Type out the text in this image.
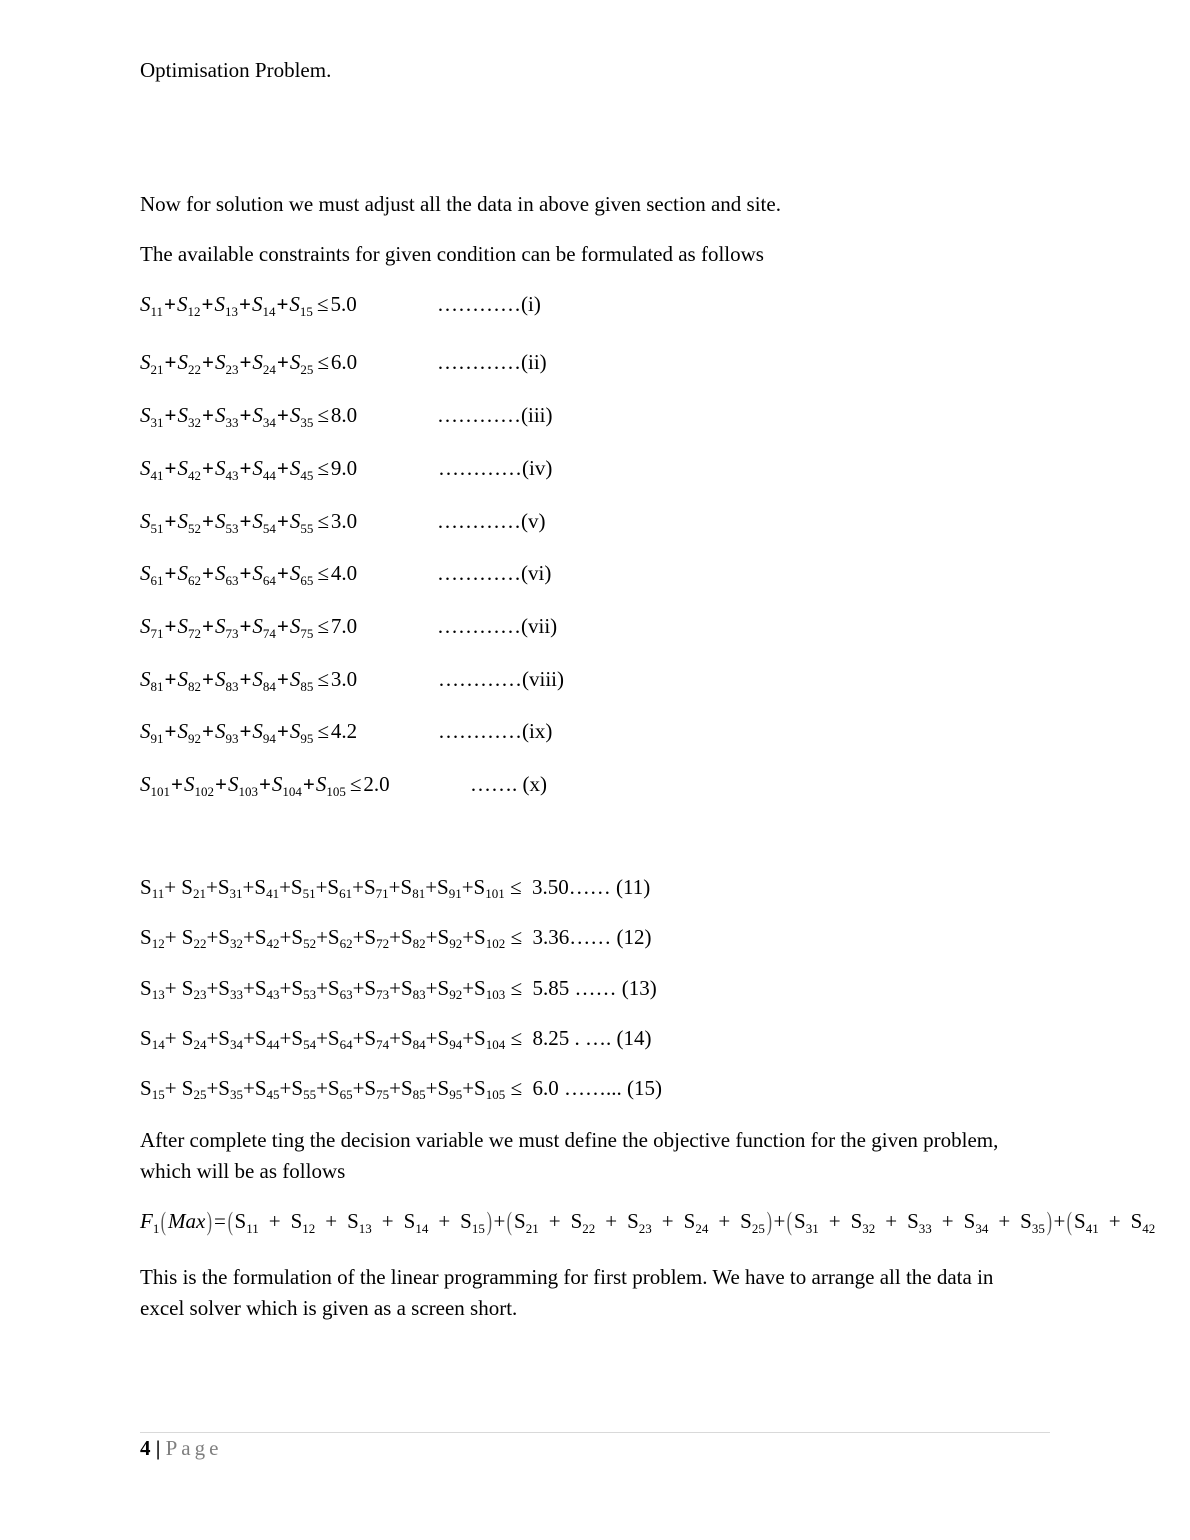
Optimisation Problem.

Now for solution we must adjust all the data in above given section and site.

The available constraints for given condition can be formulated as follows

$S_{11}+S_{12}+S_{13}+S_{14}+S_{15} \le 5.0$	…………(i)
$S_{21}+S_{22}+S_{23}+S_{24}+S_{25} \le 6.0$	…………(ii)
$S_{31}+S_{32}+S_{33}+S_{34}+S_{35} \le 8.0$	…………(iii)
$S_{41}+S_{42}+S_{43}+S_{44}+S_{45} \le 9.0$	…………(iv)
$S_{51}+S_{52}+S_{53}+S_{54}+S_{55} \le 3.0$	…………(v)
$S_{61}+S_{62}+S_{63}+S_{64}+S_{65} \le 4.0$	…………(vi)
$S_{71}+S_{72}+S_{73}+S_{74}+S_{75} \le 7.0$	…………(vii)
$S_{81}+S_{82}+S_{83}+S_{84}+S_{85} \le 3.0$	…………(viii)
$S_{91}+S_{92}+S_{93}+S_{94}+S_{95} \le 4.2$	…………(ix)
$S_{101}+S_{102}+S_{103}+S_{104}+S_{105} \le 2.0$	……. (x)
$S_{11}+ S_{21}+S_{31}+S_{41}+S_{51}+S_{61}+S_{71}+S_{81}+S_{91}+S_{101}$ ≤  3.50…… (11)
$S_{12}+ S_{22}+S_{32}+S_{42}+S_{52}+S_{62}+S_{72}+S_{82}+S_{92}+S_{102}$ ≤  3.36…… (12)
$S_{13}+ S_{23}+S_{33}+S_{43}+S_{53}+S_{63}+S_{73}+S_{83}+S_{92}+S_{103} \le 5.85$ …… (13)
$S_{14}+ S_{24}+S_{34}+S_{44}+S_{54}+S_{64}+S_{74}+S_{84}+S_{94}+S_{104} \le 8.25$ . …. (14)
$S_{15}+ S_{25}+S_{35}+S_{45}+S_{55}+S_{65}+S_{75}+S_{85}+S_{95}+S_{105} \le 6.0$ ……... (15)

After complete ting the decision variable we must define the objective function for the given problem, which will be as follows

$F_1(Max)=(S_{11} + S_{12} + S_{13} + S_{14} + S_{15})+(S_{21} + S_{22} + S_{23} + S_{24} + S_{25})+(S_{31} + S_{32} + S_{33} + S_{34} + S_{35})+(S_{41} + S_{42}$

This is the formulation of the linear programming for first problem. We have to arrange all the data in excel solver which is given as a screen short.

4 | Page
